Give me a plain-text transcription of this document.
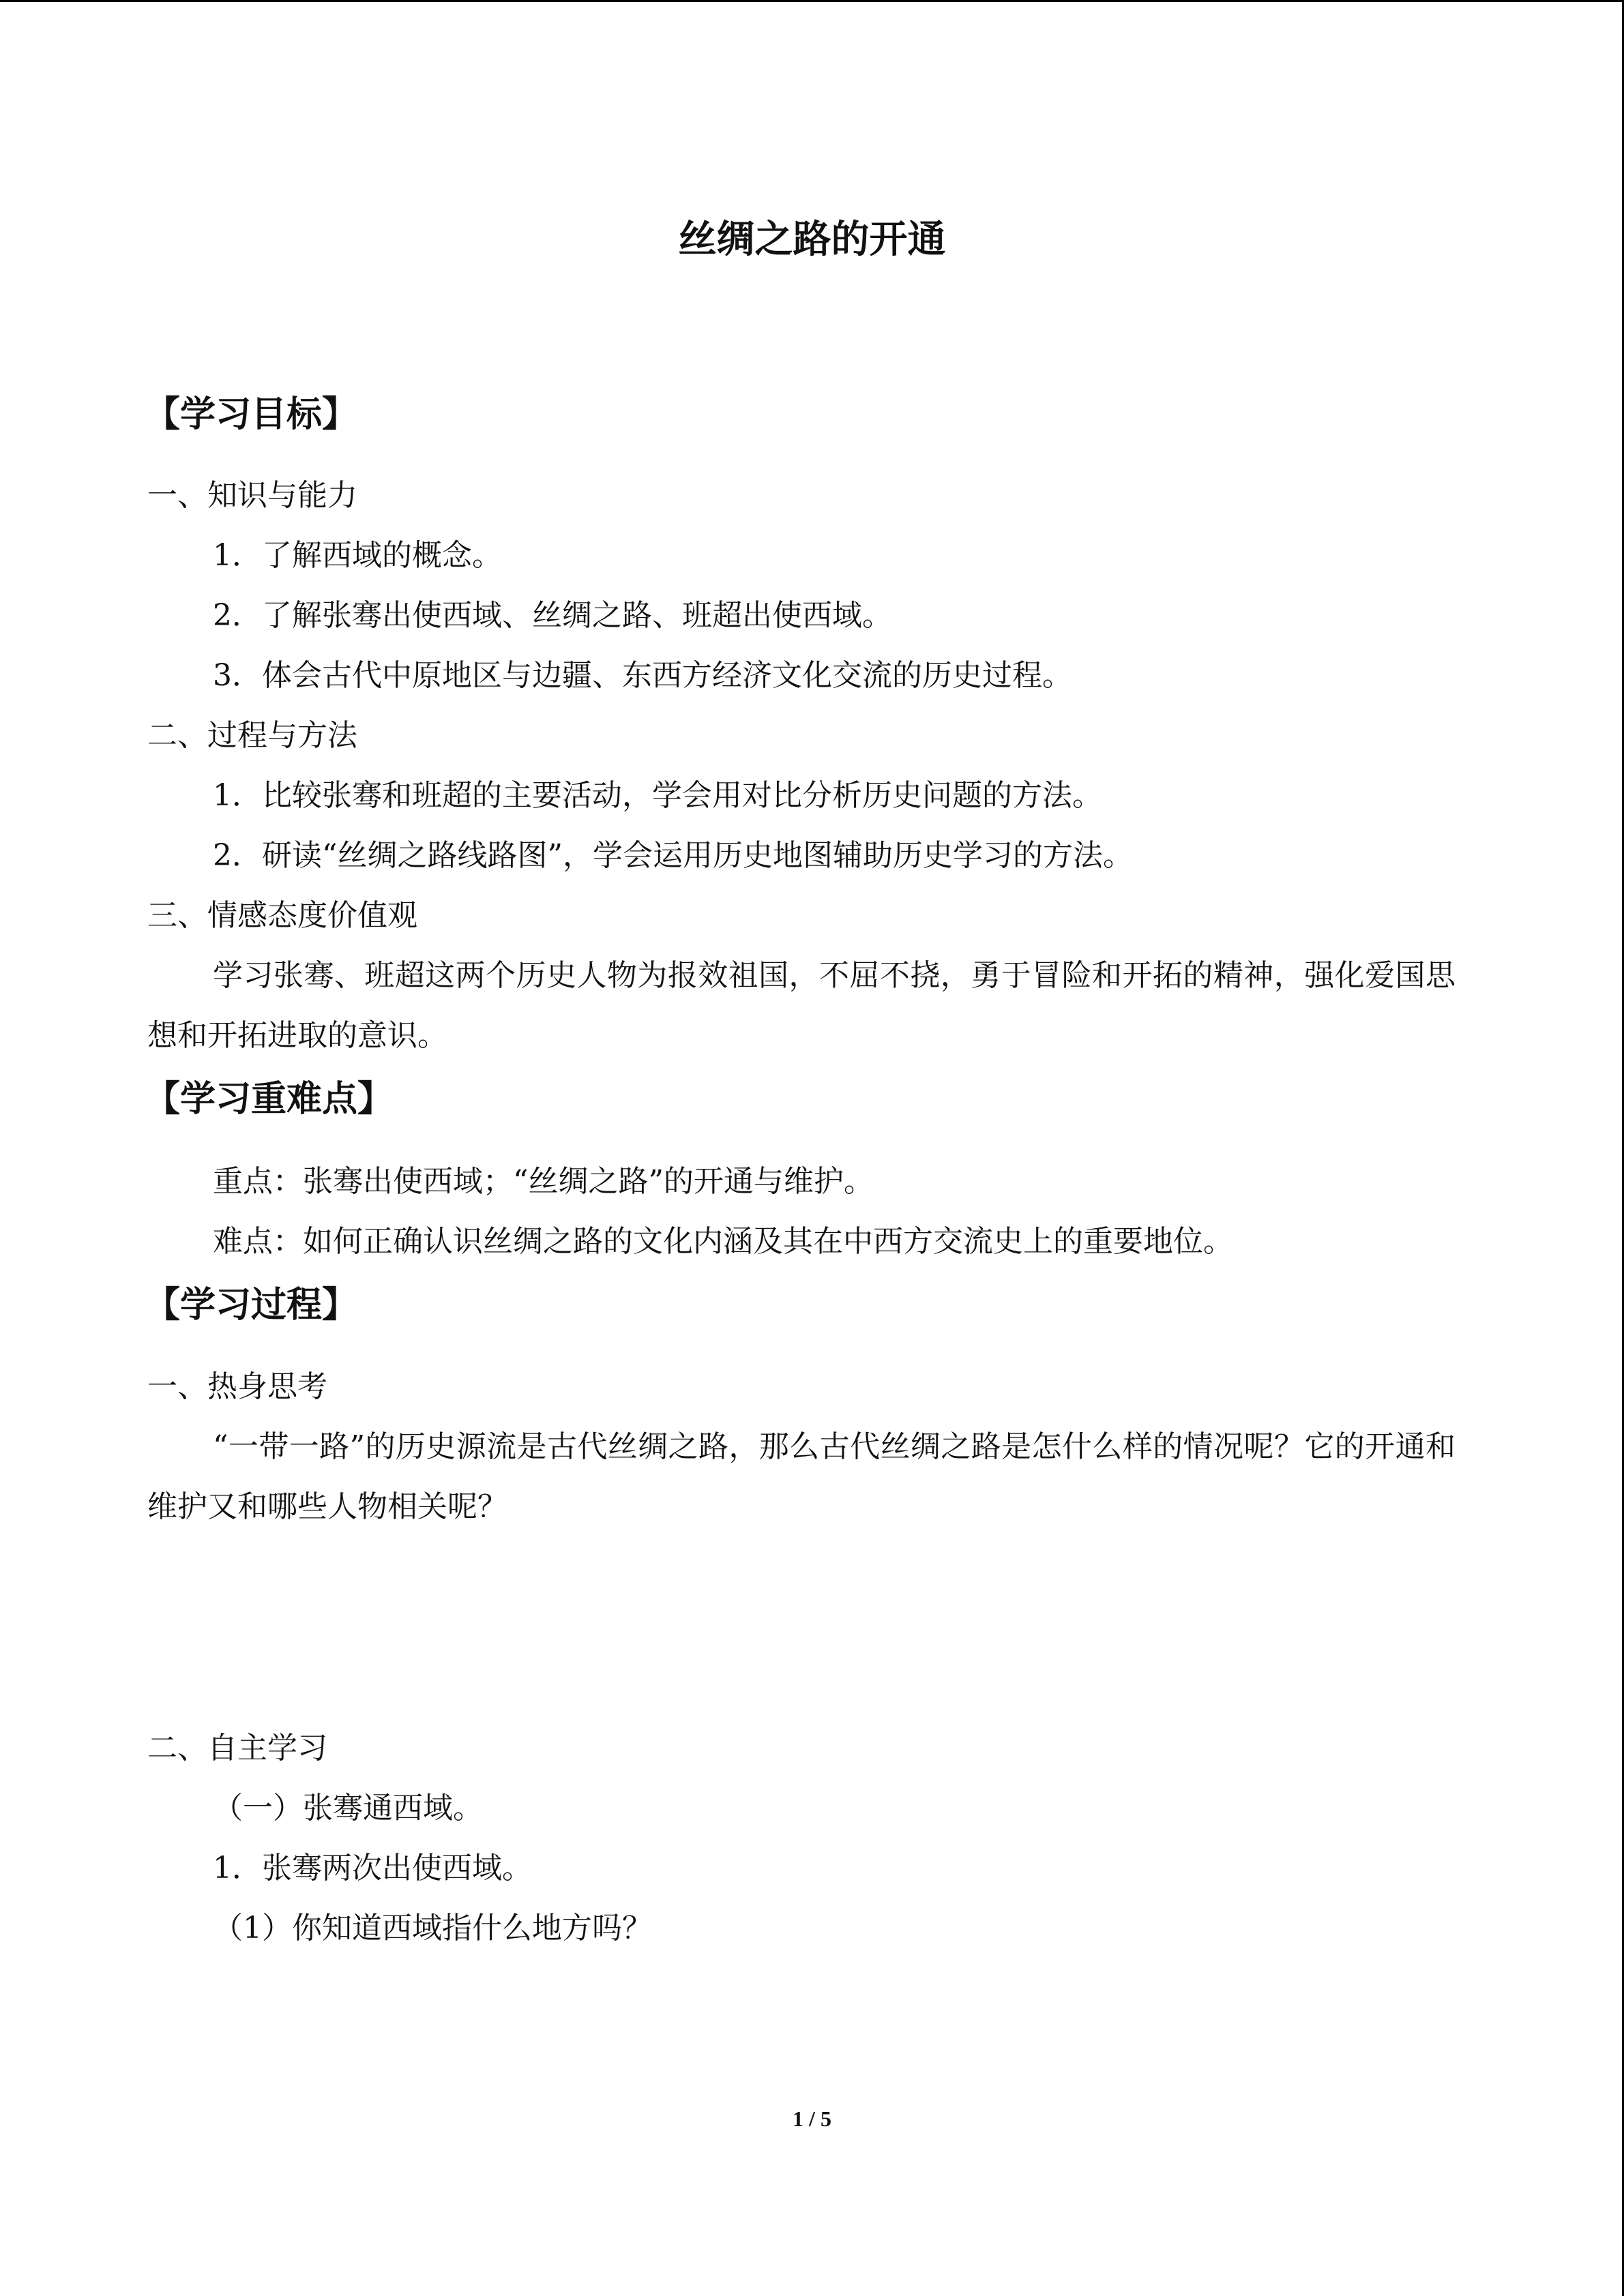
丝绸之路的开通
【学习目标】
一、知识与能力
1．了解西域的概念。
2．了解张骞出使西域、丝绸之路、班超出使西域。
3．体会古代中原地区与边疆、东西方经济文化交流的历史过程。
二、过程与方法
1．比较张骞和班超的主要活动，学会用对比分析历史问题的方法。
2．研读“丝绸之路线路图”，学会运用历史地图辅助历史学习的方法。
三、情感态度价值观
学习张骞、班超这两个历史人物为报效祖国，不屈不挠，勇于冒险和开拓的精神，强化爱国思想和开拓进取的意识。
【学习重难点】
重点：张骞出使西域；“丝绸之路”的开通与维护。
难点：如何正确认识丝绸之路的文化内涵及其在中西方交流史上的重要地位。
【学习过程】
一、热身思考
“一带一路”的历史源流是古代丝绸之路，那么古代丝绸之路是怎什么样的情况呢？它的开通和维护又和哪些人物相关呢？
二、自主学习
（一）张骞通西域。
1．张骞两次出使西域。
（1）你知道西域指什么地方吗？
1 / 5
